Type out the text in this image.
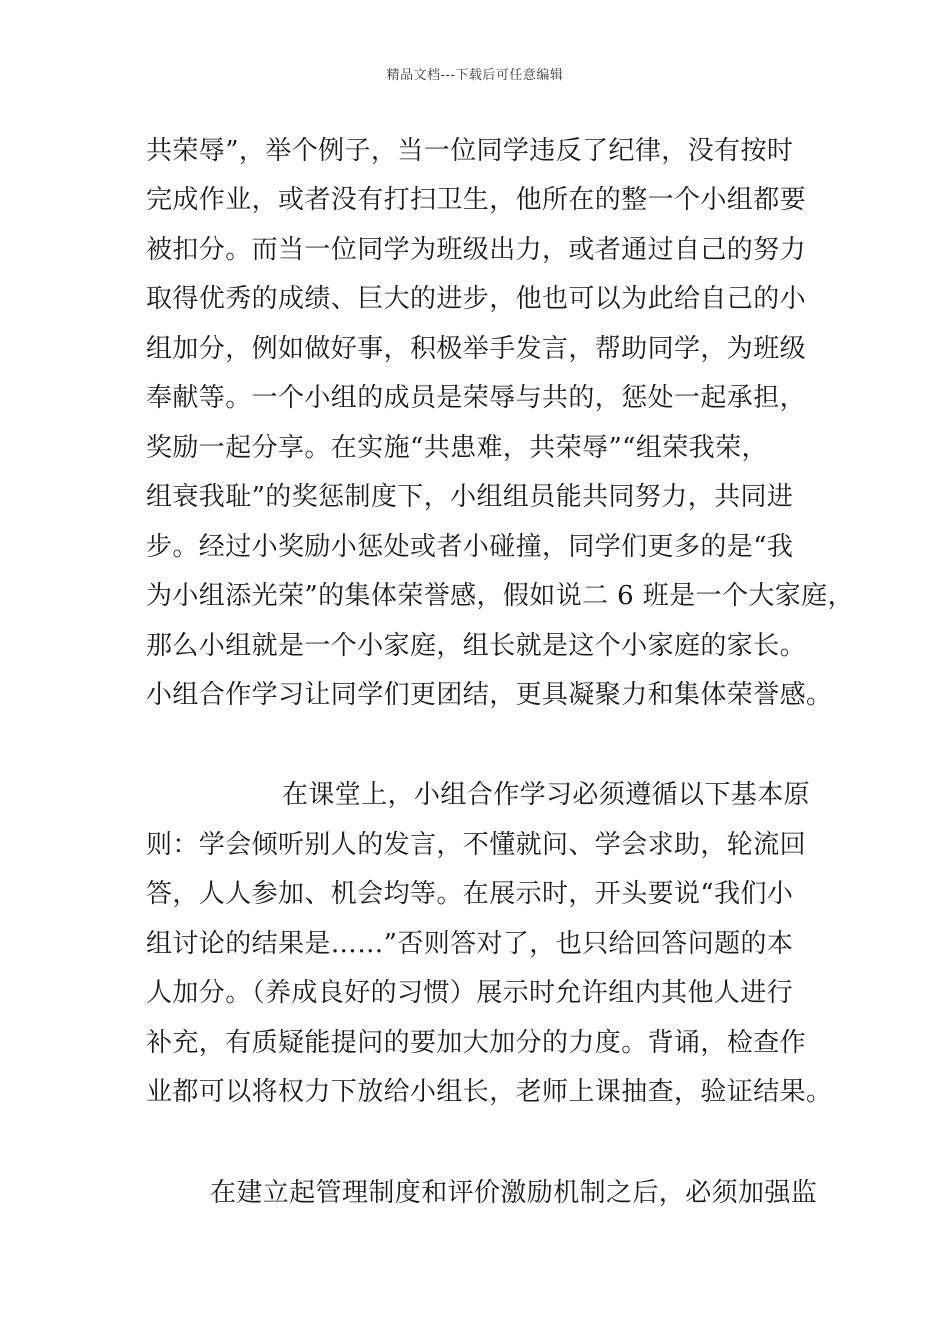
精品文档---下载后可任意编辑
共荣辱”，举个例子，当一位同学违反了纪律，没有按时
完成作业，或者没有打扫卫生，他所在的整一个小组都要
被扣分。而当一位同学为班级出力，或者通过自己的努力
取得优秀的成绩、巨大的进步，他也可以为此给自己的小
组加分，例如做好事，积极举手发言，帮助同学，为班级
奉献等。一个小组的成员是荣辱与共的，惩处一起承担，
奖励一起分享。在实施“共患难，共荣辱”“组荣我荣，
组衰我耻”的奖惩制度下，小组组员能共同努力，共同进
步。经过小奖励小惩处或者小碰撞，同学们更多的是“我
为小组添光荣”的集体荣誉感，假如说二 6 班是一个大家庭，
那么小组就是一个小家庭，组长就是这个小家庭的家长。
小组合作学习让同学们更团结，更具凝聚力和集体荣誉感。
在课堂上，小组合作学习必须遵循以下基本原
则：学会倾听别人的发言，不懂就问、学会求助，轮流回
答，人人参加、机会均等。在展示时，开头要说“我们小
组讨论的结果是……”否则答对了，也只给回答问题的本
人加分。（养成良好的习惯）展示时允许组内其他人进行
补充，有质疑能提问的要加大加分的力度。背诵，检查作
业都可以将权力下放给小组长，老师上课抽查，验证结果。
在建立起管理制度和评价激励机制之后，必须加强监
